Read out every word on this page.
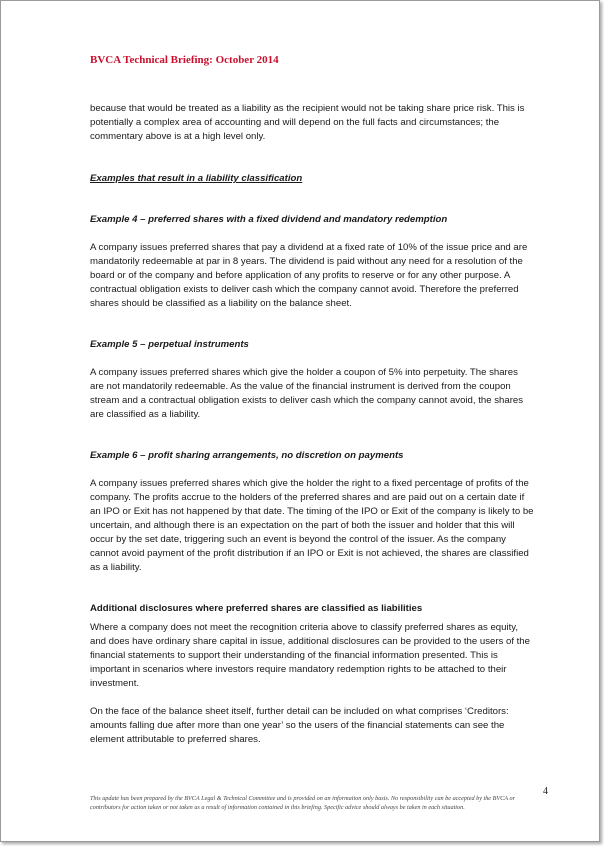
BVCA Technical Briefing: October 2014

because that would be treated as a liability as the recipient would not be taking share price risk. This is potentially a complex area of accounting and will depend on the full facts and circumstances; the commentary above is at a high level only.

Examples that result in a liability classification

Example 4 – preferred shares with a fixed dividend and mandatory redemption

A company issues preferred shares that pay a dividend at a fixed rate of 10% of the issue price and are mandatorily redeemable at par in 8 years. The dividend is paid without any need for a resolution of the board or of the company and before application of any profits to reserve or for any other purpose. A contractual obligation exists to deliver cash which the company cannot avoid. Therefore the preferred shares should be classified as a liability on the balance sheet.

Example 5 – perpetual instruments

A company issues preferred shares which give the holder a coupon of 5% into perpetuity. The shares are not mandatorily redeemable. As the value of the financial instrument is derived from the coupon stream and a contractual obligation exists to deliver cash which the company cannot avoid, the shares are classified as a liability.

Example 6 – profit sharing arrangements, no discretion on payments

A company issues preferred shares which give the holder the right to a fixed percentage of profits of the company. The profits accrue to the holders of the preferred shares and are paid out on a certain date if an IPO or Exit has not happened by that date. The timing of the IPO or Exit of the company is likely to be uncertain, and although there is an expectation on the part of both the issuer and holder that this will occur by the set date, triggering such an event is beyond the control of the issuer. As the company cannot avoid payment of the profit distribution if an IPO or Exit is not achieved, the shares are classified as a liability.

Additional disclosures where preferred shares are classified as liabilities

Where a company does not meet the recognition criteria above to classify preferred shares as equity, and does have ordinary share capital in issue, additional disclosures can be provided to the users of the financial statements to support their understanding of the financial information presented. This is important in scenarios where investors require mandatory redemption rights to be attached to their investment.

On the face of the balance sheet itself, further detail can be included on what comprises ‘Creditors: amounts falling due after more than one year’ so the users of the financial statements can see the element attributable to preferred shares.

4
This update has been prepared by the BVCA Legal & Technical Committee and is provided on an information only basis. No responsibility can be accepted by the BVCA or contributors for action taken or not taken as a result of information contained in this briefing. Specific advice should always be taken in each situation.
